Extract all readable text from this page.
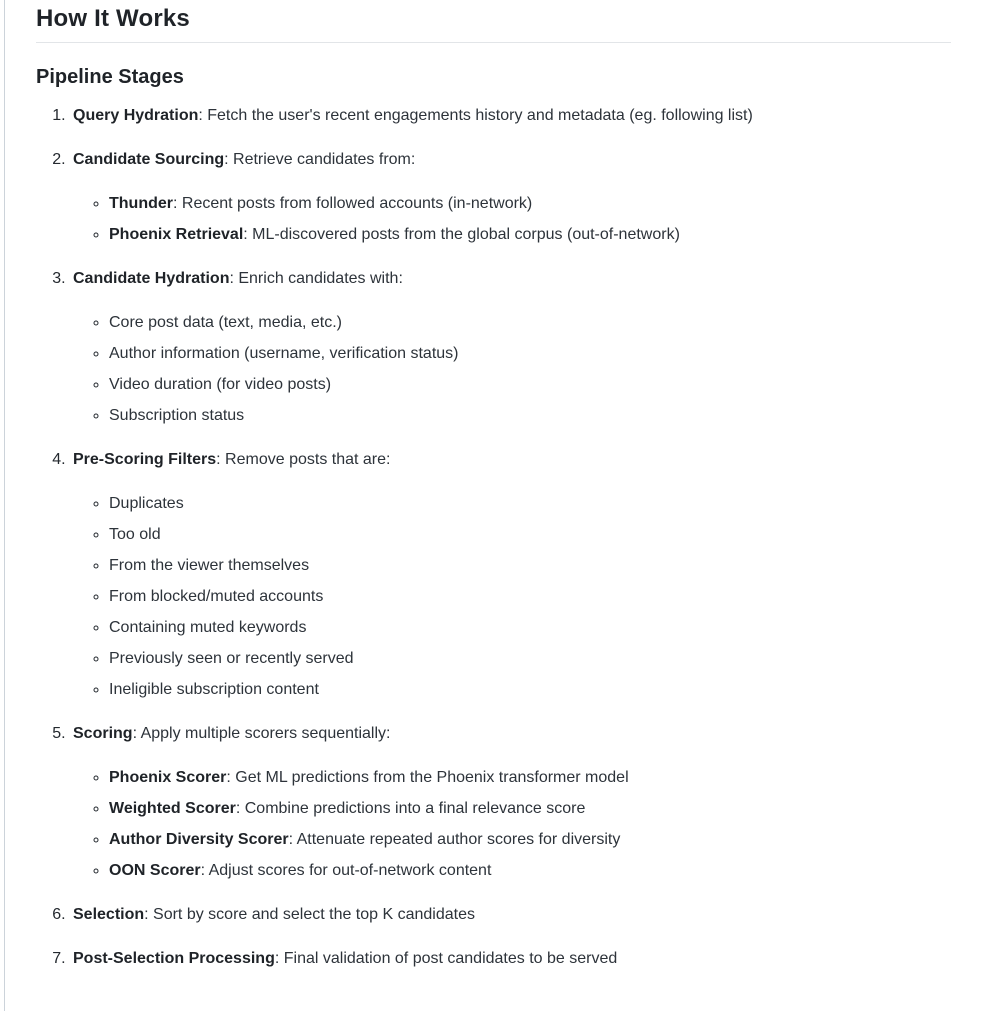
How It Works
Pipeline Stages
1. Query Hydration: Fetch the user's recent engagements history and metadata (eg. following list)
2. Candidate Sourcing: Retrieve candidates from:
◦ Thunder: Recent posts from followed accounts (in-network)
◦ Phoenix Retrieval: ML-discovered posts from the global corpus (out-of-network)
3. Candidate Hydration: Enrich candidates with:
◦ Core post data (text, media, etc.)
◦ Author information (username, verification status)
◦ Video duration (for video posts)
◦ Subscription status
4. Pre-Scoring Filters: Remove posts that are:
◦ Duplicates
◦ Too old
◦ From the viewer themselves
◦ From blocked/muted accounts
◦ Containing muted keywords
◦ Previously seen or recently served
◦ Ineligible subscription content
5. Scoring: Apply multiple scorers sequentially:
◦ Phoenix Scorer: Get ML predictions from the Phoenix transformer model
◦ Weighted Scorer: Combine predictions into a final relevance score
◦ Author Diversity Scorer: Attenuate repeated author scores for diversity
◦ OON Scorer: Adjust scores for out-of-network content
6. Selection: Sort by score and select the top K candidates
7. Post-Selection Processing: Final validation of post candidates to be served
